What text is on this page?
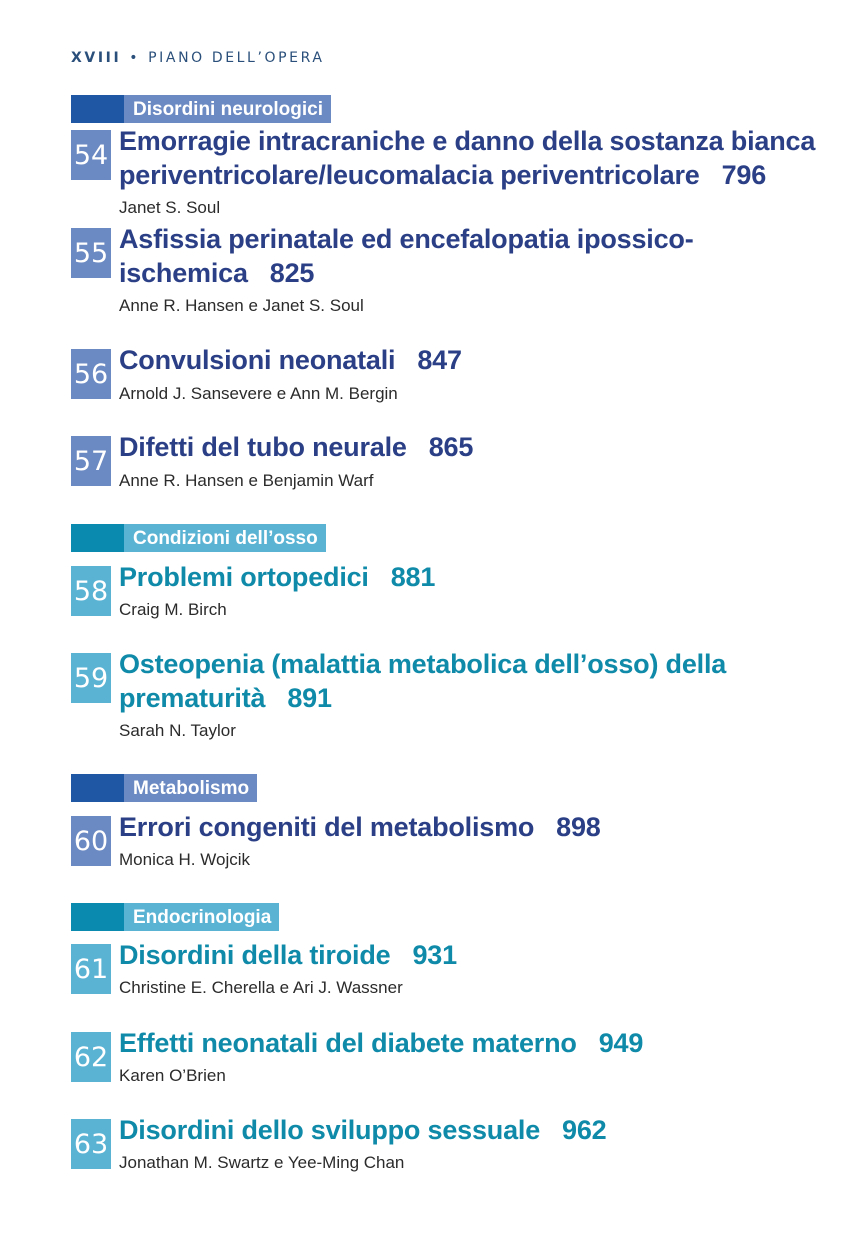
XVIII • PIANO DELL’OPERA
Disordini neurologici
54 Emorragie intracraniche e danno della sostanza bianca
periventricolare/leucomalacia periventricolare 796
Janet S. Soul
55 Asfissia perinatale ed encefalopatia ipossico-
ischemica 825
Anne R. Hansen e Janet S. Soul
56 Convulsioni neonatali 847
Arnold J. Sansevere e Ann M. Bergin
57 Difetti del tubo neurale 865
Anne R. Hansen e Benjamin Warf
Condizioni dell’osso
58 Problemi ortopedici 881
Craig M. Birch
59 Osteopenia (malattia metabolica dell’osso) della
prematurità 891
Sarah N. Taylor
Metabolismo
60 Errori congeniti del metabolismo 898
Monica H. Wojcik
Endocrinologia
61 Disordini della tiroide 931
Christine E. Cherella e Ari J. Wassner
62 Effetti neonatali del diabete materno 949
Karen O’Brien
63 Disordini dello sviluppo sessuale 962
Jonathan M. Swartz e Yee-Ming Chan
